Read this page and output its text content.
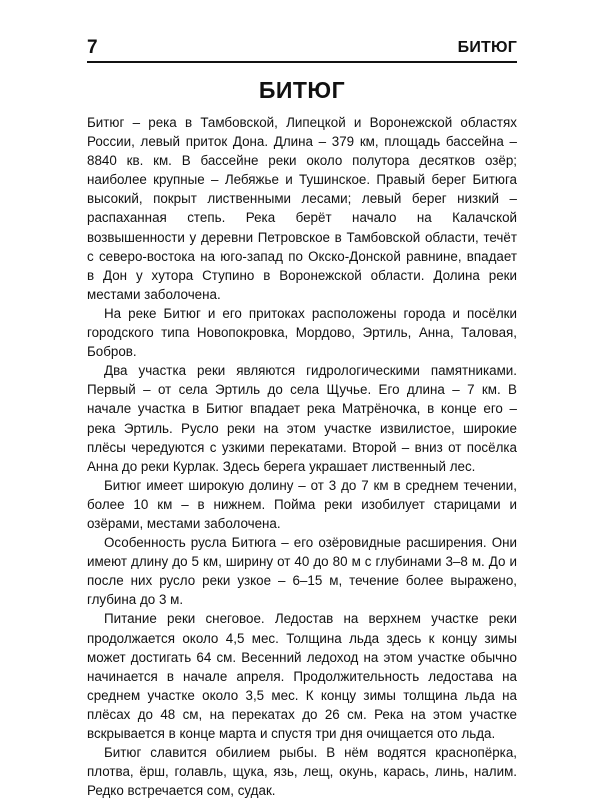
7	БИТЮГ
БИТЮГ

Битюг – река в Тамбовской, Липецкой и Воронежской областях России, левый приток Дона. Длина – 379 км, площадь бассейна – 8840 кв. км. В бассейне реки около полутора десятков озёр; наиболее крупные – Лебяжье и Тушинское. Правый берег Битюга высокий, покрыт лиственными лесами; левый берег низкий – распаханная степь. Река берёт начало на Калачской возвышенности у деревни Петровское в Тамбовской области, течёт с северо-востока на юго-запад по Окско-Донской равнине, впадает в Дон у хутора Ступино в Воронежской области. Долина реки местами заболочена.

На реке Битюг и его притоках расположены города и посёлки городского типа Новопокровка, Мордово, Эртиль, Анна, Таловая, Бобров.

Два участка реки являются гидрологическими памятниками. Первый – от села Эртиль до села Щучье. Его длина – 7 км. В начале участка в Битюг впадает река Матрёночка, в конце его – река Эртиль. Русло реки на этом участке извилистое, широкие плёсы чередуются с узкими перекатами. Второй – вниз от посёлка Анна до реки Курлак. Здесь берега украшает лиственный лес.

Битюг имеет широкую долину – от 3 до 7 км в среднем течении, более 10 км – в нижнем. Пойма реки изобилует старицами и озёрами, местами заболочена.

Особенность русла Битюга – его озёровидные расширения. Они имеют длину до 5 км, ширину от 40 до 80 м с глубинами 3–8 м. До и после них русло реки узкое – 6–15 м, течение более выражено, глубина до 3 м.

Питание реки снеговое. Ледостав на верхнем участке реки продолжается около 4,5 мес. Толщина льда здесь к концу зимы может достигать 64 см. Весенний ледоход на этом участке обычно начинается в начале апреля. Продолжительность ледостава на среднем участке около 3,5 мес. К концу зимы толщина льда на плёсах до 48 см, на перекатах до 26 см. Река на этом участке вскрывается в конце марта и спустя три дня очищается ото льда.

Битюг славится обилием рыбы. В нём водятся краснопёрка, плотва, ёрш, голавль, щука, язь, лещ, окунь, карась, линь, налим. Редко встречается сом, судак.
